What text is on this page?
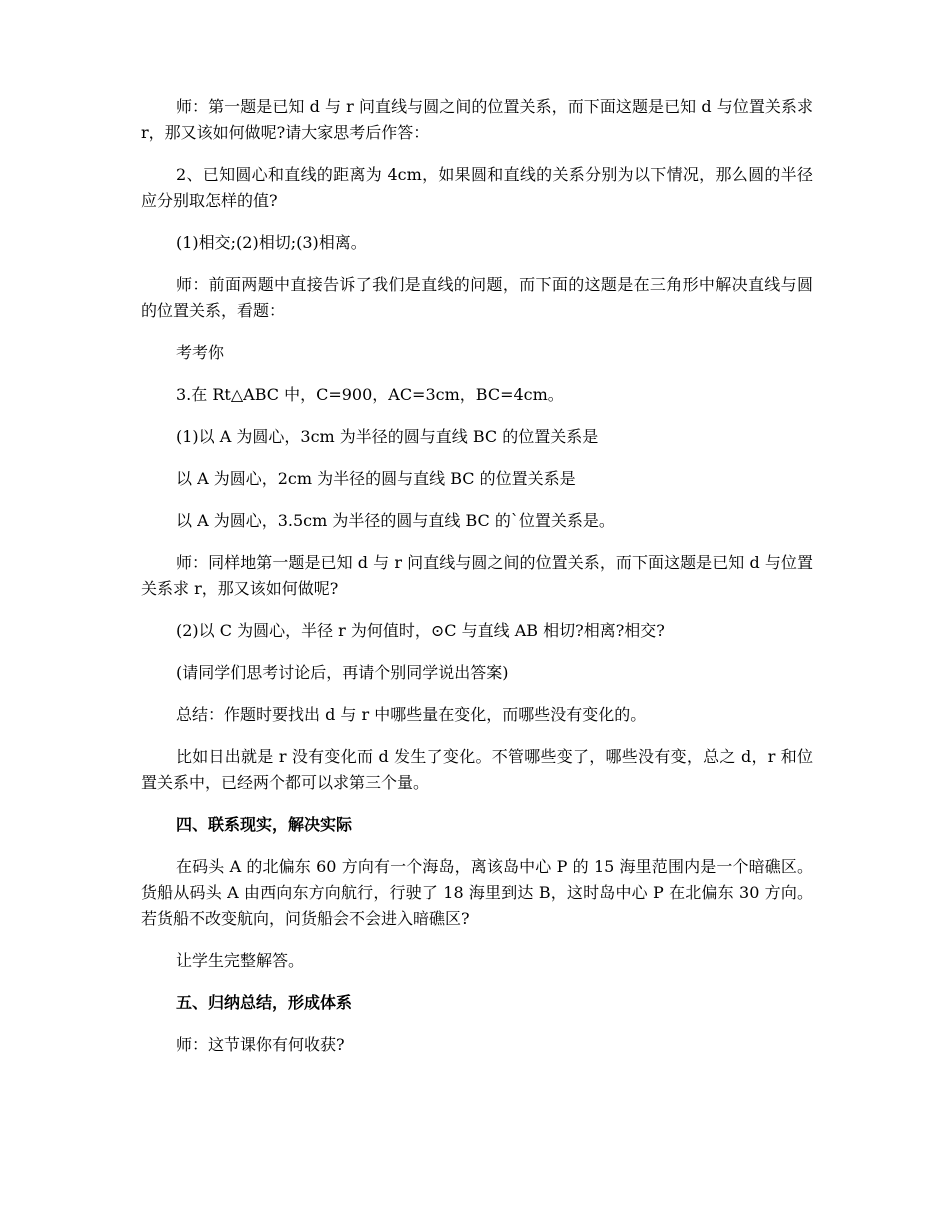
师：第一题是已知 d 与 r 问直线与圆之间的位置关系，而下面这题是已知 d 与位置关系求 r，那又该如何做呢?请大家思考后作答：

2、已知圆心和直线的距离为 4cm，如果圆和直线的关系分别为以下情况，那么圆的半径应分别取怎样的值?

(1)相交;(2)相切;(3)相离。

师：前面两题中直接告诉了我们是直线的问题，而下面的这题是在三角形中解决直线与圆的位置关系，看题：

考考你

3.在 Rt△ABC 中，C=900，AC=3cm，BC=4cm。

(1)以 A 为圆心，3cm 为半径的圆与直线 BC 的位置关系是

以 A 为圆心，2cm 为半径的圆与直线 BC 的位置关系是

以 A 为圆心，3.5cm 为半径的圆与直线 BC 的`位置关系是。

师：同样地第一题是已知 d 与 r 问直线与圆之间的位置关系，而下面这题是已知 d 与位置关系求 r，那又该如何做呢?

(2)以 C 为圆心，半径 r 为何值时，⊙C 与直线 AB 相切?相离?相交?

(请同学们思考讨论后，再请个别同学说出答案)

总结：作题时要找出 d 与 r 中哪些量在变化，而哪些没有变化的。

比如日出就是 r 没有变化而 d 发生了变化。不管哪些变了，哪些没有变，总之 d，r 和位置关系中，已经两个都可以求第三个量。

四、联系现实，解决实际

在码头 A 的北偏东 60 方向有一个海岛，离该岛中心 P 的 15 海里范围内是一个暗礁区。货船从码头 A 由西向东方向航行，行驶了 18 海里到达 B，这时岛中心 P 在北偏东 30 方向。若货船不改变航向，问货船会不会进入暗礁区?

让学生完整解答。

五、归纳总结，形成体系

师：这节课你有何收获?
